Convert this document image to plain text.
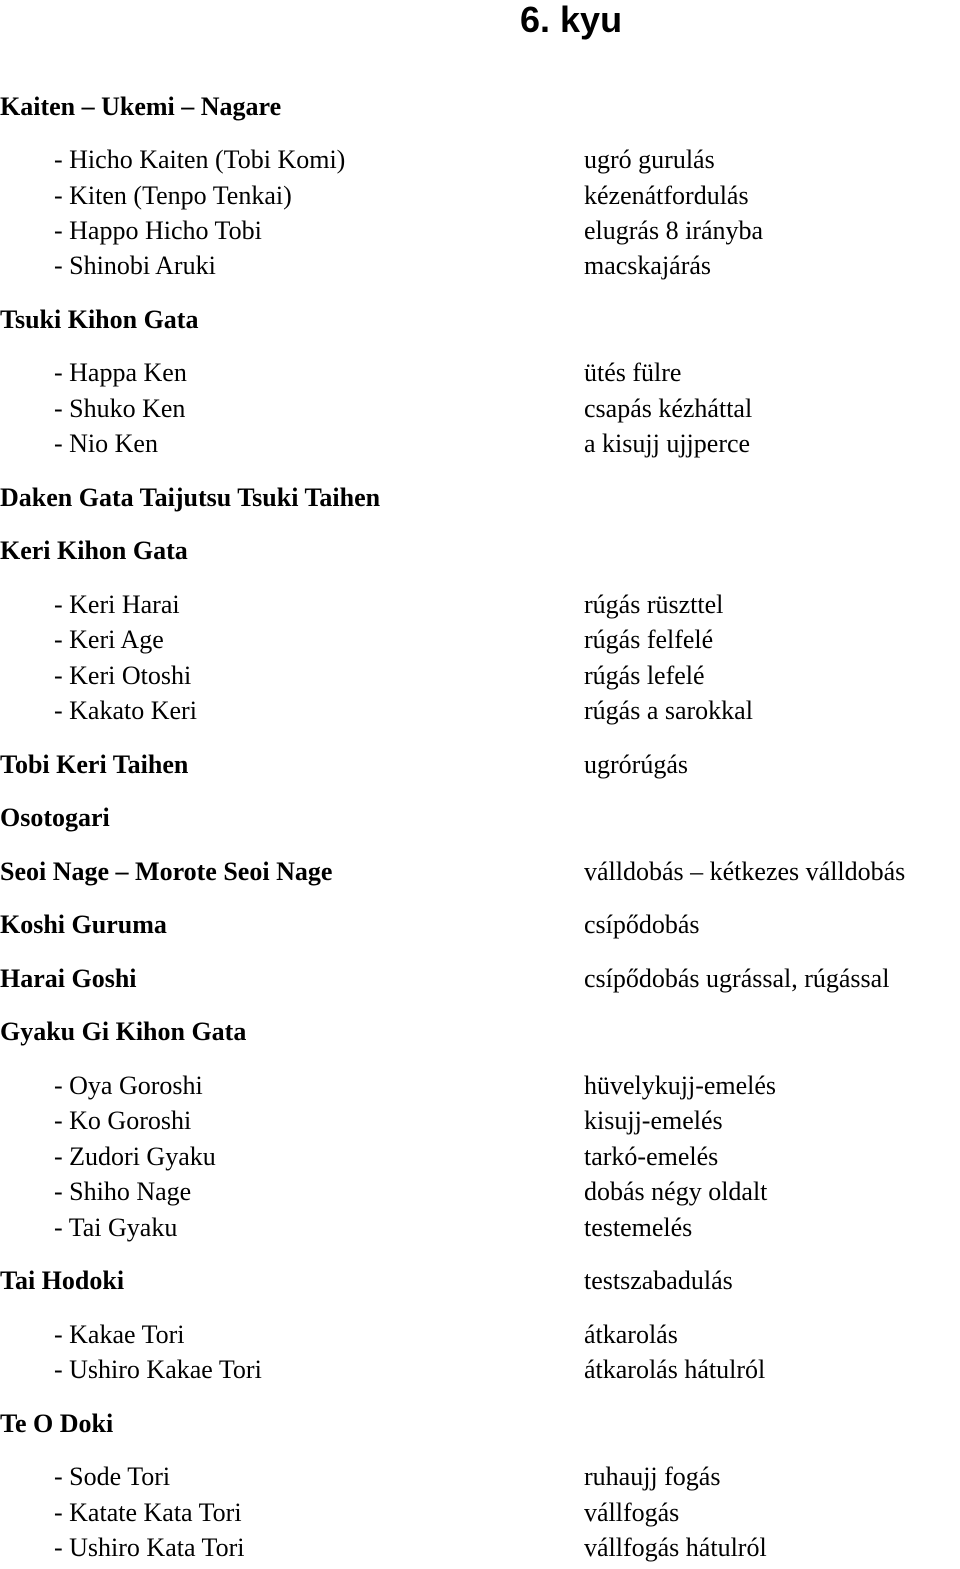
6. kyu
Kaiten – Ukemi – Nagare
- Hicho Kaiten (Tobi Komi)	ugró gurulás
- Kiten (Tenpo Tenkai)	kézenátfordulás
- Happo Hicho Tobi	elugrás 8 irányba
- Shinobi Aruki	macskajárás
Tsuki Kihon Gata
- Happa Ken	ütés fülre
- Shuko Ken	csapás kézháttal
- Nio Ken	a kisujj ujjperce
Daken Gata Taijutsu Tsuki Taihen
Keri Kihon Gata
- Keri Harai	rúgás rüszttel
- Keri Age	rúgás felfelé
- Keri Otoshi	rúgás lefelé
- Kakato Keri	rúgás a sarokkal
Tobi Keri Taihen	ugrórúgás
Osotogari
Seoi Nage – Morote Seoi Nage	válldobás – kétkezes válldobás
Koshi Guruma	csípődobás
Harai Goshi	csípődobás ugrással, rúgással
Gyaku Gi Kihon Gata
- Oya Goroshi	hüvelykujj-emelés
- Ko Goroshi	kisujj-emelés
- Zudori Gyaku	tarkó-emelés
- Shiho Nage	dobás négy oldalt
- Tai Gyaku	testemelés
Tai Hodoki	testszabadulás
- Kakae Tori	átkarolás
- Ushiro Kakae Tori	átkarolás hátulról
Te O Doki
- Sode Tori	ruhaujj fogás
- Katate Kata Tori	vállfogás
- Ushiro Kata Tori	vállfogás hátulról
